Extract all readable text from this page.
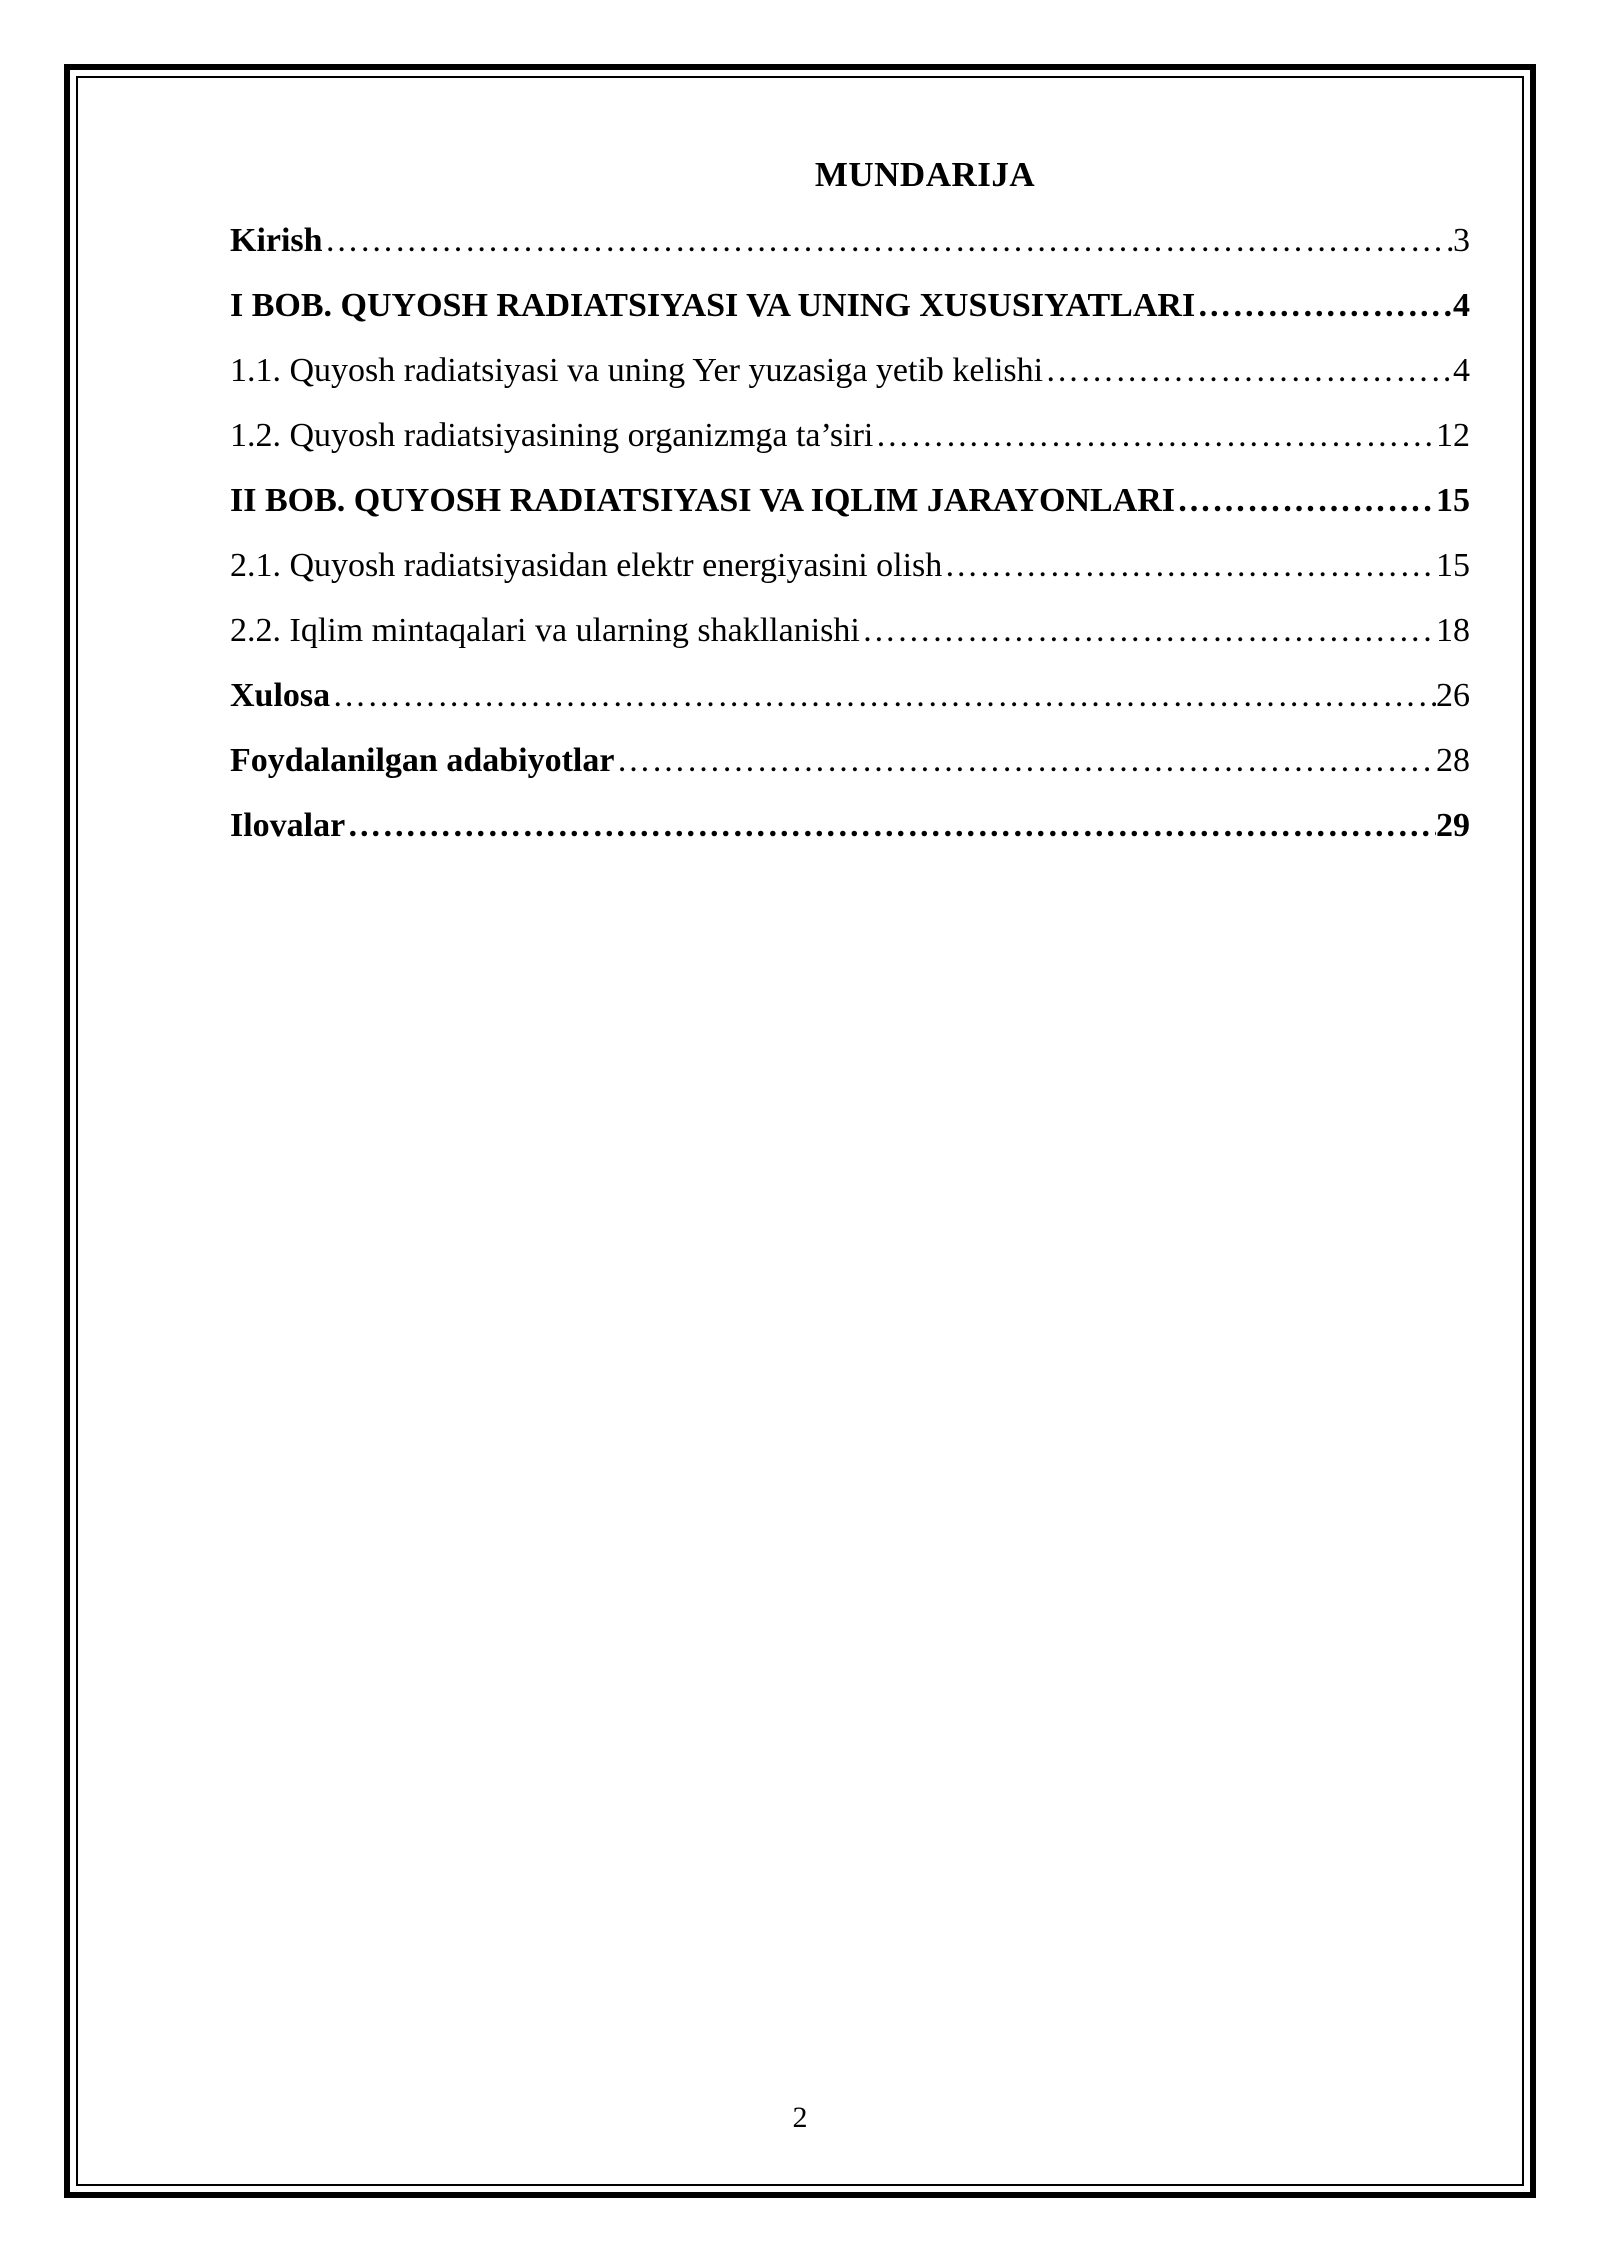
MUNDARIJA
Kirish ………………………………………………………………………………………………………………………………………………………………	3
I BOB. QUYOSH RADIATSIYASI VA UNING XUSUSIYATLARI ………………………………………………………………………………………………………………………………………………………………	4
1.1. Quyosh radiatsiyasi va uning Yer yuzasiga yetib kelishi ………………………………………………………………………………………………………………………………………………………………	4
1.2. Quyosh radiatsiyasining organizmga ta’siri ………………………………………………………………………………………………………………………………………………………………	12
II BOB. QUYOSH RADIATSIYASI VA IQLIM JARAYONLARI ………………………………………………………………………………………………………………………………………………………………	15
2.1. Quyosh radiatsiyasidan elektr energiyasini olish ………………………………………………………………………………………………………………………………………………………………	15
2.2. Iqlim mintaqalari va ularning shakllanishi ………………………………………………………………………………………………………………………………………………………………	18
Xulosa ………………………………………………………………………………………………………………………………………………………………	26
Foydalanilgan adabiyotlar ………………………………………………………………………………………………………………………………………………………………	28
Ilovalar ………………………………………………………………………………………………………………………………………………………………	29
2
